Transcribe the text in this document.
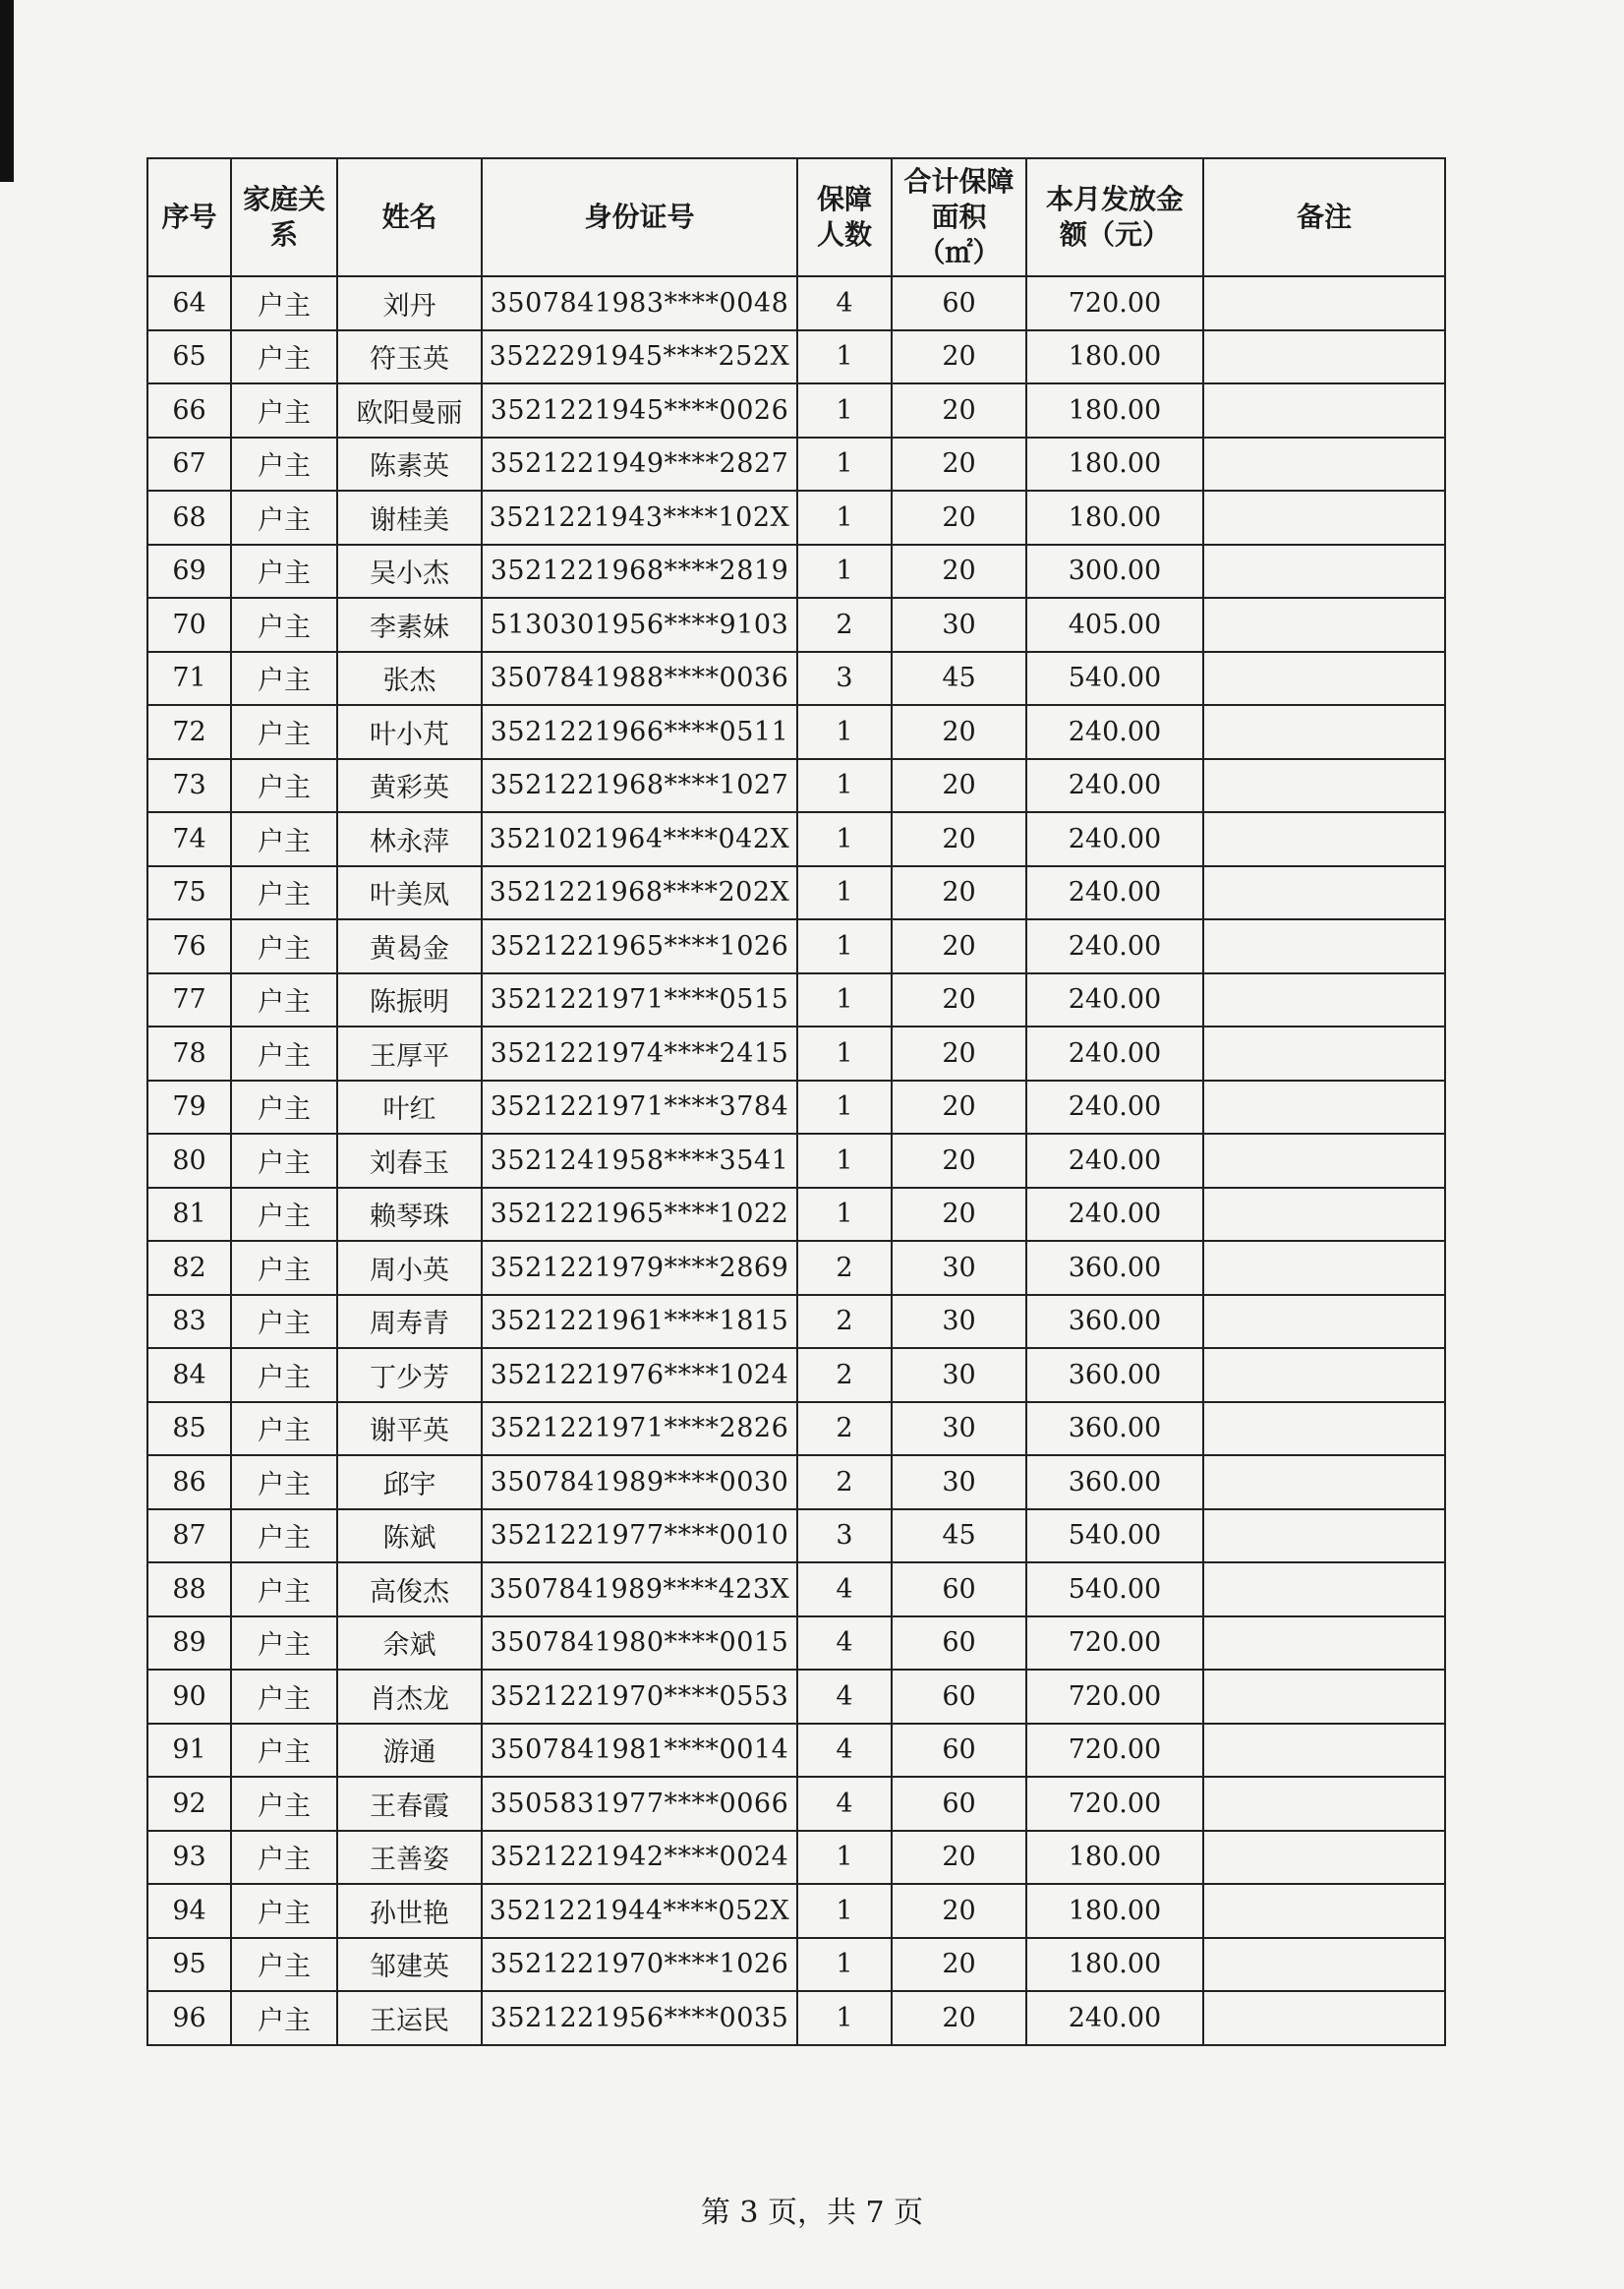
序号	家庭关系	姓名	身份证号	保障人数	合计保障面积（㎡）	本月发放金额（元）	备注
64	户主	刘丹	3507841983****0048	4	60	720.00	
65	户主	符玉英	3522291945****252X	1	20	180.00	
66	户主	欧阳曼丽	3521221945****0026	1	20	180.00	
67	户主	陈素英	3521221949****2827	1	20	180.00	
68	户主	谢桂美	3521221943****102X	1	20	180.00	
69	户主	吴小杰	3521221968****2819	1	20	300.00	
70	户主	李素妹	5130301956****9103	2	30	405.00	
71	户主	张杰	3507841988****0036	3	45	540.00	
72	户主	叶小芃	3521221966****0511	1	20	240.00	
73	户主	黄彩英	3521221968****1027	1	20	240.00	
74	户主	林永萍	3521021964****042X	1	20	240.00	
75	户主	叶美凤	3521221968****202X	1	20	240.00	
76	户主	黄曷金	3521221965****1026	1	20	240.00	
77	户主	陈振明	3521221971****0515	1	20	240.00	
78	户主	王厚平	3521221974****2415	1	20	240.00	
79	户主	叶红	3521221971****3784	1	20	240.00	
80	户主	刘春玉	3521241958****3541	1	20	240.00	
81	户主	赖琴珠	3521221965****1022	1	20	240.00	
82	户主	周小英	3521221979****2869	2	30	360.00	
83	户主	周寿青	3521221961****1815	2	30	360.00	
84	户主	丁少芳	3521221976****1024	2	30	360.00	
85	户主	谢平英	3521221971****2826	2	30	360.00	
86	户主	邱宇	3507841989****0030	2	30	360.00	
87	户主	陈斌	3521221977****0010	3	45	540.00	
88	户主	高俊杰	3507841989****423X	4	60	540.00	
89	户主	余斌	3507841980****0015	4	60	720.00	
90	户主	肖杰龙	3521221970****0553	4	60	720.00	
91	户主	游通	3507841981****0014	4	60	720.00	
92	户主	王春霞	3505831977****0066	4	60	720.00	
93	户主	王善姿	3521221942****0024	1	20	180.00	
94	户主	孙世艳	3521221944****052X	1	20	180.00	
95	户主	邹建英	3521221970****1026	1	20	180.00	
96	户主	王运民	3521221956****0035	1	20	240.00	
第 3 页，共 7 页
